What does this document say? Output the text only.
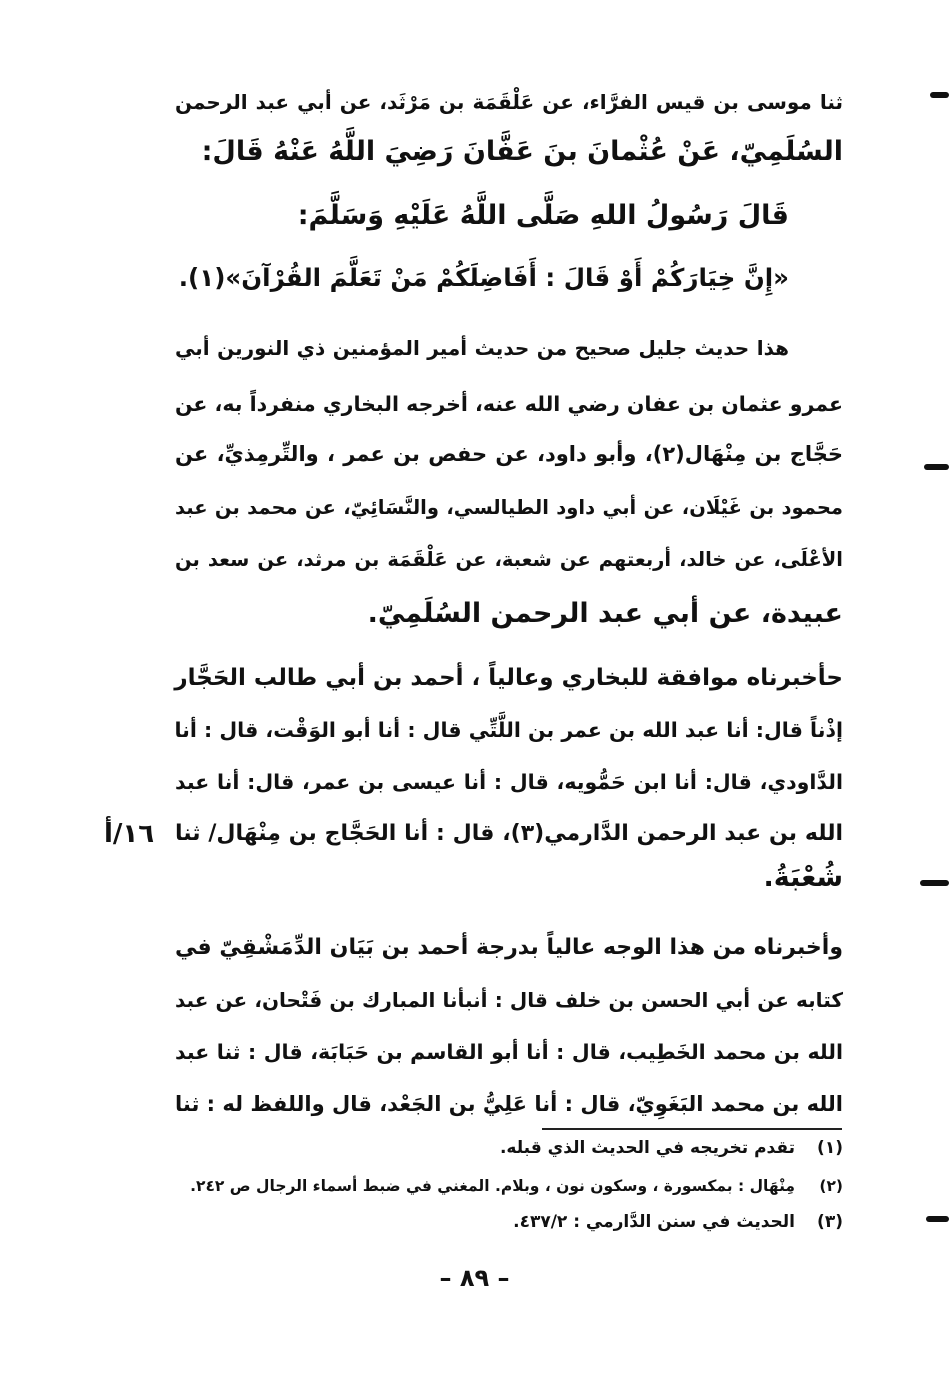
ثنا موسى بن قيس الفرَّاء، عن عَلْقَمَة بن مَرْثَد، عن أبي عبد الرحمن
السُلَمِيّ، عَنْ عُثْمانَ بنَ عَفَّانَ رَضِيَ اللَّهُ عَنْهُ قَالَ:
قَالَ رَسُولُ اللهِ صَلَّى اللَّهُ عَلَيْهِ وَسَلَّمَ:
«إِنَّ خِيَارَكُمْ أَوْ قَالَ : أَفَاضِلَكُمْ مَنْ تَعَلَّمَ القُرْآنَ»(١).
هذا حديث جليل صحيح من حديث أمير المؤمنين ذي النورين أبي
عمرو عثمان بن عفان رضي الله عنه، أخرجه البخاري منفرداً به، عن
حَجَّاج بن مِنْهَال(٢)، وأبو داود، عن حفص بن عمر ، والتِّرمِذيِّ، عن
محمود بن غَيْلَان، عن أبي داود الطيالسي، والنَّسَائِيّ، عن محمد بن عبد
الأعْلَى، عن خالد، أربعتهم عن شعبة، عن عَلْقَمَة بن مرثد، عن سعد بن
عبيدة، عن أبي عبد الرحمن السُلَمِيّ.
حأخبرناه موافقة للبخاري وعالياً ، أحمد بن أبي طالب الحَجَّار
إذْناً قال: أنا عبد الله بن عمر بن اللَّتِّي قال : أنا أبو الوَقْت، قال : أنا
الدَّاودي، قال: أنا ابن حَمُّويه، قال : أنا عيسى بن عمر، قال: أنا عبد
الله بن عبد الرحمن الدَّارمي(٣)، قال : أنا الحَجَّاج بن مِنْهَال/ ثنا
شُعْبَةُ.
وأخبرناه من هذا الوجه عالياً بدرجة أحمد بن بَيَان الدِّمَشْقِيّ في
كتابه عن أبي الحسن بن خلف قال : أنبأنا المبارك بن فَتْحان، عن عبد
الله بن محمد الخَطِيب، قال : أنا أبو القاسم بن حَبَابَة، قال : ثنا عبد
الله بن محمد البَغَوِيّ، قال : أنا عَلِيُّ بن الجَعْد، قال واللفظ له : ثنا
١٦/أ
(١)تقدم تخريجه في الحديث الذي قبله.
(٢)مِنْهَال : بمكسورة ، وسكون نون ، وبلام. المغني في ضبط أسماء الرجال ص ٢٤٢.
(٣)الحديث في سنن الدَّارمي : ٤٣٧/٢.
– ٨٩ –
